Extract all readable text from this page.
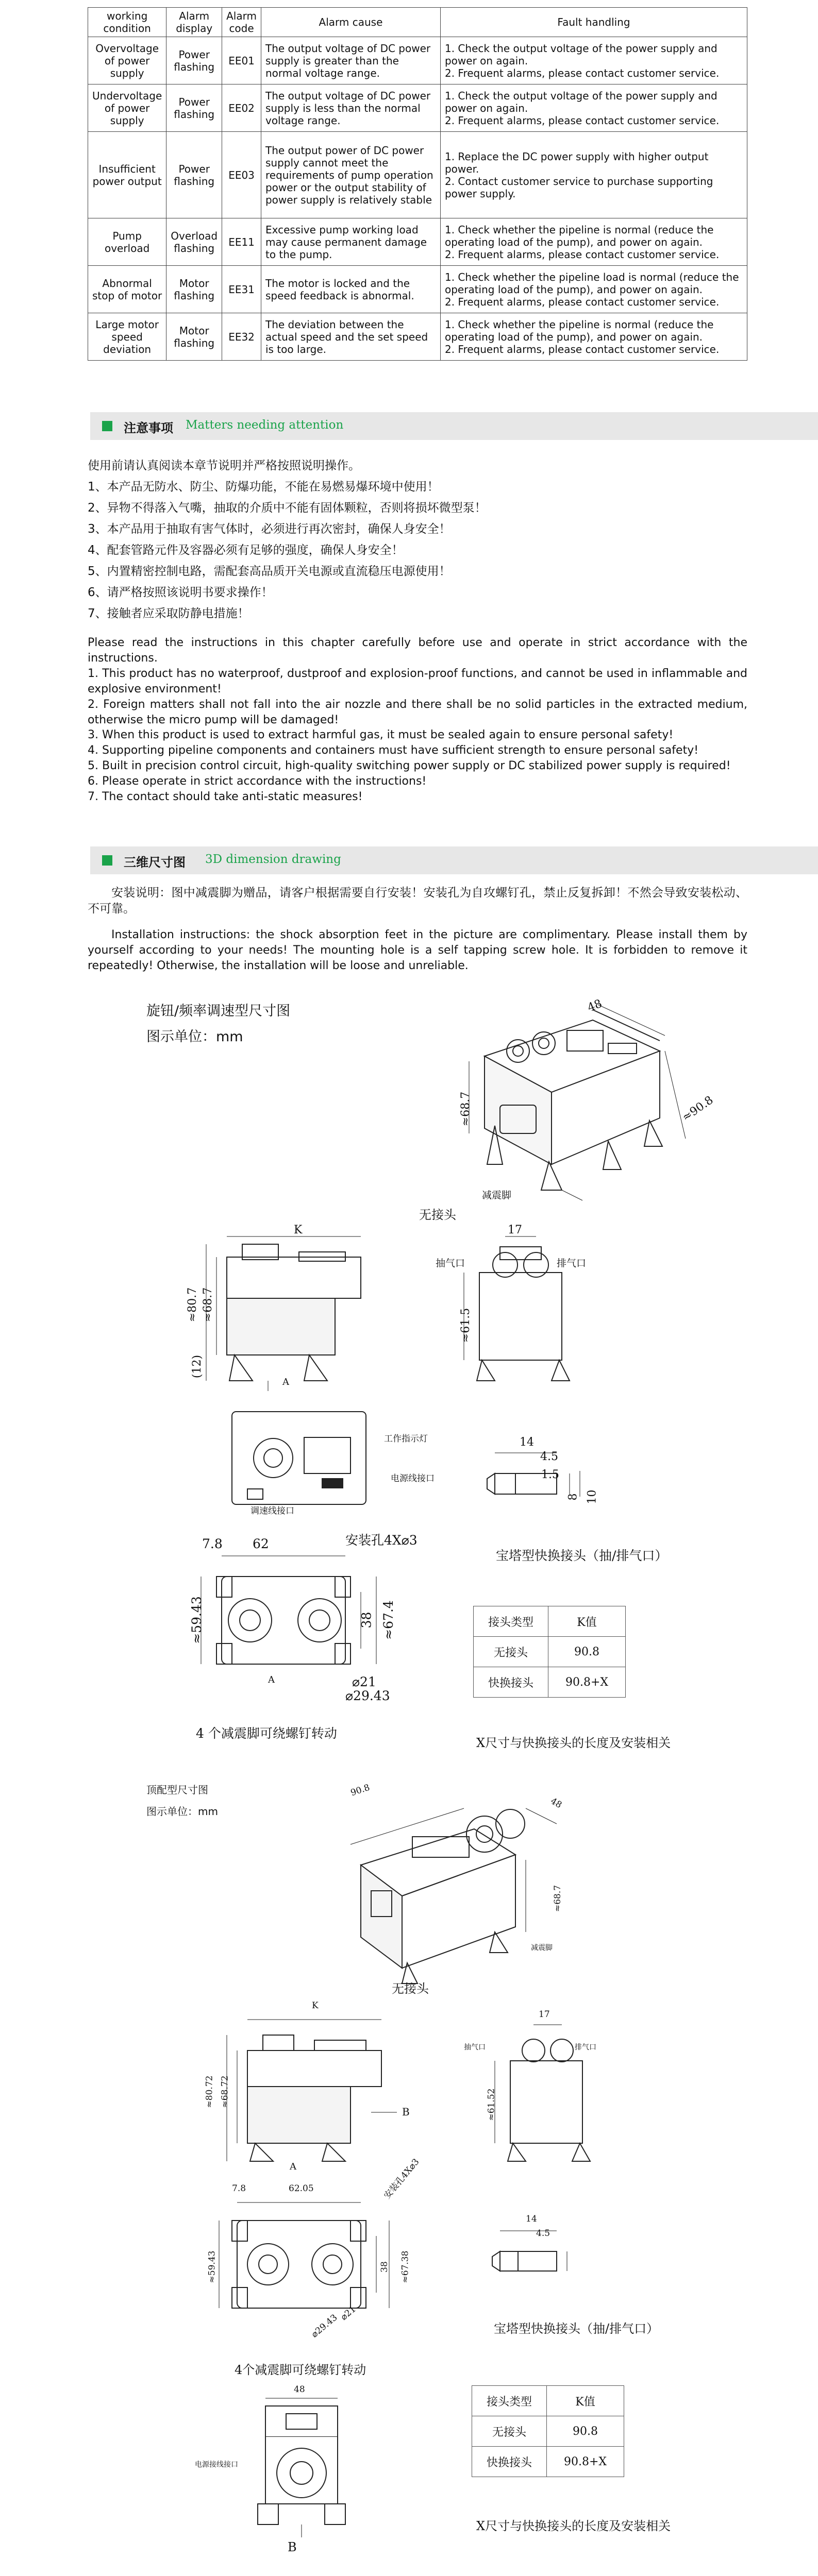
working condition	Alarm display	Alarm code	Alarm cause	Fault handling
Overvoltage of power supply	Power flashing	EE01	The output voltage of DC power supply is greater than the normal voltage range.	1. Check the output voltage of the power supply and power on again.
2. Frequent alarms, please contact customer service.
Undervoltage of power supply	Power flashing	EE02	The output voltage of DC power supply is less than the normal voltage range.	1. Check the output voltage of the power supply and power on again.
2. Frequent alarms, please contact customer service.
Insufficient power output	Power flashing	EE03	The output power of DC power supply cannot meet the requirements of pump operation power or the output stability of power supply is relatively stable	1. Replace the DC power supply with higher output power.
2. Contact customer service to purchase supporting power supply.
Pump overload	Overload flashing	EE11	Excessive pump working load may cause permanent damage to the pump.	1. Check whether the pipeline is normal (reduce the operating load of the pump), and power on again.
2. Frequent alarms, please contact customer service.
Abnormal stop of motor	Motor flashing	EE31	The motor is locked and the speed feedback is abnormal.	1. Check whether the pipeline load is normal (reduce the operating load of the pump), and power on again.
2. Frequent alarms, please contact customer service.
Large motor speed deviation	Motor flashing	EE32	The deviation between the actual speed and the set speed is too large.	1. Check whether the pipeline is normal (reduce the operating load of the pump), and power on again.
2. Frequent alarms, please contact customer service.
注意事项 Matters needing attention
使用前请认真阅读本章节说明并严格按照说明操作。
1、本产品无防水、防尘、防爆功能，不能在易燃易爆环境中使用！
2、异物不得落入气嘴，抽取的介质中不能有固体颗粒，否则将损坏微型泵！
3、本产品用于抽取有害气体时，必须进行再次密封，确保人身安全！
4、配套管路元件及容器必须有足够的强度，确保人身安全！
5、内置精密控制电路，需配套高品质开关电源或直流稳压电源使用！
6、请严格按照该说明书要求操作！
7、接触者应采取防静电措施！
Please read the instructions in this chapter carefully before use and operate in strict accordance with the instructions.
1. This product has no waterproof, dustproof and explosion-proof functions, and cannot be used in inflammable and explosive environment!
2. Foreign matters shall not fall into the air nozzle and there shall be no solid particles in the extracted medium, otherwise the micro pump will be damaged!
3. When this product is used to extract harmful gas, it must be sealed again to ensure personal safety!
4. Supporting pipeline components and containers must have sufficient strength to ensure personal safety!
5. Built in precision control circuit, high-quality switching power supply or DC stabilized power supply is required!
6. Please operate in strict accordance with the instructions!
7. The contact should take anti-static measures!
三维尺寸图 3D dimension drawing
安装说明：图中减震脚为赠品，请客户根据需要自行安装！安装孔为自攻螺钉孔，禁止反复拆卸！不然会导致安装松动、不可靠。
Installation instructions: the shock absorption feet in the picture are complimentary. Please install them by yourself according to your needs! The mounting hole is a self tapping screw hole. It is forbidden to remove it repeatedly! Otherwise, the installation will be loose and unreliable.
旋钮/频率调速型尺寸图
图示单位：mm
48
≈68.7	≈90.8
减震脚
无接头
K
≈80.7 ≈68.7
(12)
A
17
抽气口	排气口
≈61.5
工作指示灯
电源线接口
调速线接口
14
4.5
1.5
8 10
宝塔型快换接头（抽/排气口）
7.8 62	安装孔4X⌀3
≈59.43	38 ≈67.4
⌀21
⌀29.43
A
4 个减震脚可绕螺钉转动
接头类型	K值
无接头	90.8
快换接头	90.8+X
X尺寸与快换接头的长度及安装相关
顶配型尺寸图
图示单位：mm
90.8
48
≈68.7
减震脚
无接头
K
≈80.72 ≈68.72
A
B
17
抽气口	排气口
≈61.52
7.8	62.05	安装孔4X⌀3
≈59.43	38 ≈67.38
⌀21
⌀29.43
4个减震脚可绕螺钉转动
14
4.5
宝塔型快换接头（抽/排气口）
48
B
电源接线接口
接头类型	K值
无接头	90.8
快换接头	90.8+X
X尺寸与快换接头的长度及安装相关
